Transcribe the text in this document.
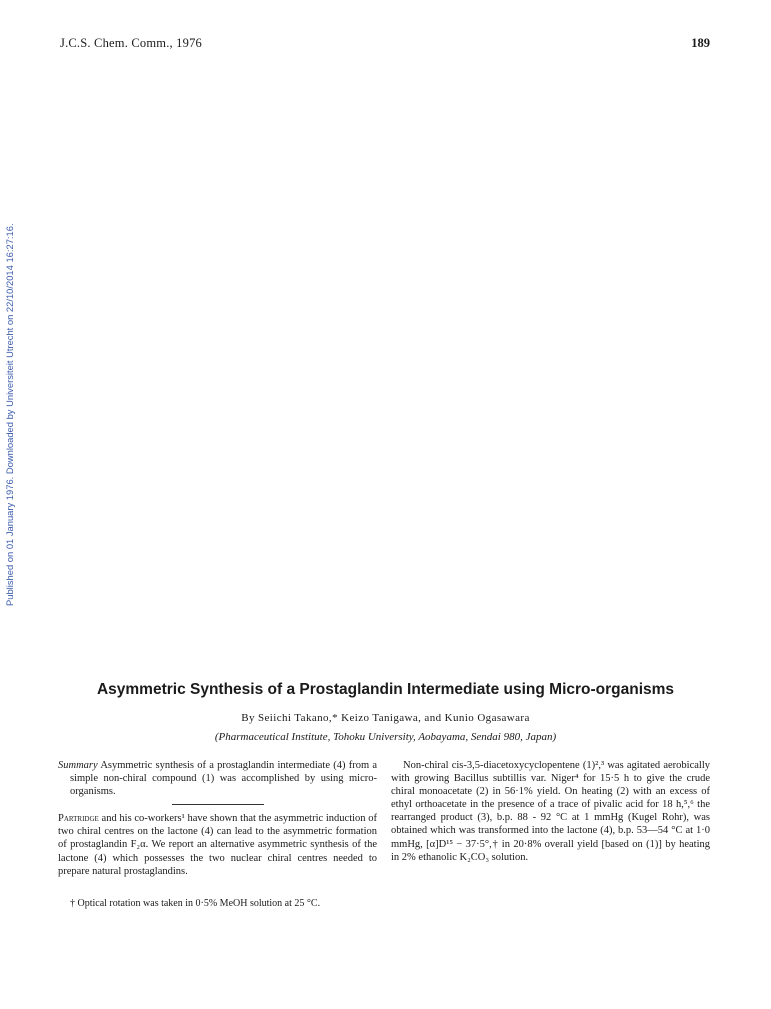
J.C.S. Chem. Comm., 1976	189
Published on 01 January 1976. Downloaded by Universiteit Utrecht on 22/10/2014 16:27:16.
Asymmetric Synthesis of a Prostaglandin Intermediate using Micro-organisms
By Seiichi Takano,* Keizo Tanigawa, and Kunio Ogasawara
(Pharmaceutical Institute, Tohoku University, Aobayama, Sendai 980, Japan)
Summary Asymmetric synthesis of a prostaglandin intermediate (4) from a simple non-chiral compound (1) was accomplished by using micro-organisms.
Partridge and his co-workers¹ have shown that the asymmetric induction of two chiral centres on the lactone (4) can lead to the asymmetric formation of prostaglandin F₂α. We report an alternative asymmetric synthesis of the lactone (4) which possesses the two nuclear chiral centres needed to prepare natural prostaglandins.
Non-chiral cis-3,5-diacetoxycyclopentene (1)²,³ was agitated aerobically with growing Bacillus subtillis var. Niger⁴ for 15·5 h to give the crude chiral monoacetate (2) in 56·1% yield. On heating (2) with an excess of ethyl orthoacetate in the presence of a trace of pivalic acid for 18 h,⁵,⁶ the rearranged product (3), b.p. 88 - 92 °C at 1 mmHg (Kugel Rohr), was obtained which was transformed into the lactone (4), b.p. 53—54 °C at 1·0 mmHg, [α]D¹⁵ − 37·5°,† in 20·8% overall yield [based on (1)] by heating in 2% ethanolic K₂CO₃ solution.
† Optical rotation was taken in 0·5% MeOH solution at 25 °C.
